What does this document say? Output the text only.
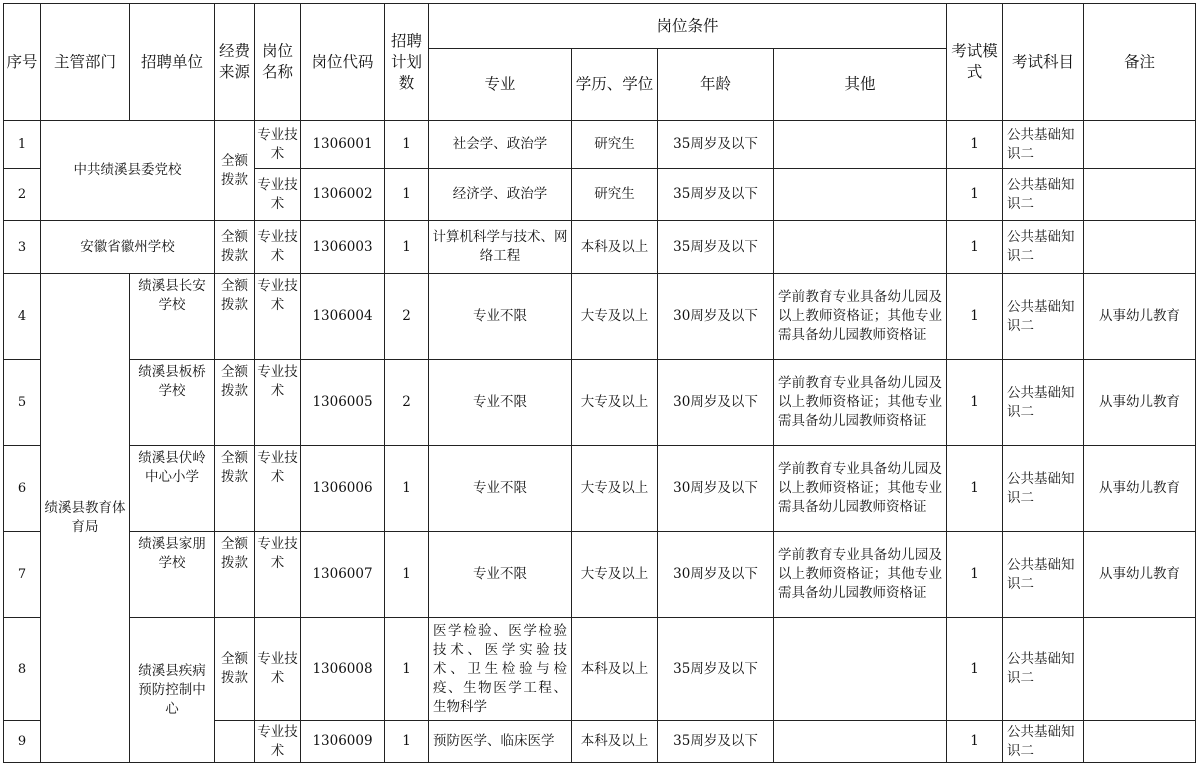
序号	主管部门	招聘单位	经费来源	岗位名称	岗位代码	招聘计划数	岗位条件				考试模式	考试科目	备注
							专业	学历、学位	年龄	其他			
1	中共绩溪县委党校		全额拨款	专业技术	1306001	1	社会学、政治学	研究生	35周岁及以下		1	公共基础知识二	
2				专业技术	1306002	1	经济学、政治学	研究生	35周岁及以下		1	公共基础知识二	
3	安徽省徽州学校		全额拨款	专业技术	1306003	1	计算机科学与技术、网络工程	本科及以上	35周岁及以下		1	公共基础知识二	
4	绩溪县教育体育局	绩溪县长安学校	全额拨款	专业技术	1306004	2	专业不限	大专及以上	30周岁及以下	学前教育专业具备幼儿园及以上教师资格证；其他专业需具备幼儿园教师资格证	1	公共基础知识二	从事幼儿教育
5		绩溪县板桥学校	全额拨款	专业技术	1306005	2	专业不限	大专及以上	30周岁及以下	学前教育专业具备幼儿园及以上教师资格证；其他专业需具备幼儿园教师资格证	1	公共基础知识二	从事幼儿教育
6		绩溪县伏岭中心小学	全额拨款	专业技术	1306006	1	专业不限	大专及以上	30周岁及以下	学前教育专业具备幼儿园及以上教师资格证；其他专业需具备幼儿园教师资格证	1	公共基础知识二	从事幼儿教育
7		绩溪县家朋学校	全额拨款	专业技术	1306007	1	专业不限	大专及以上	30周岁及以下	学前教育专业具备幼儿园及以上教师资格证；其他专业需具备幼儿园教师资格证	1	公共基础知识二	从事幼儿教育
8		绩溪县疾病预防控制中心	全额拨款	专业技术	1306008	1	医学检验、医学检验技术、医学实验技术、卫生检验与检疫、生物医学工程、生物科学	本科及以上	35周岁及以下		1	公共基础知识二	
9				专业技术	1306009	1	预防医学、临床医学	本科及以上	35周岁及以下		1	公共基础知识二	
